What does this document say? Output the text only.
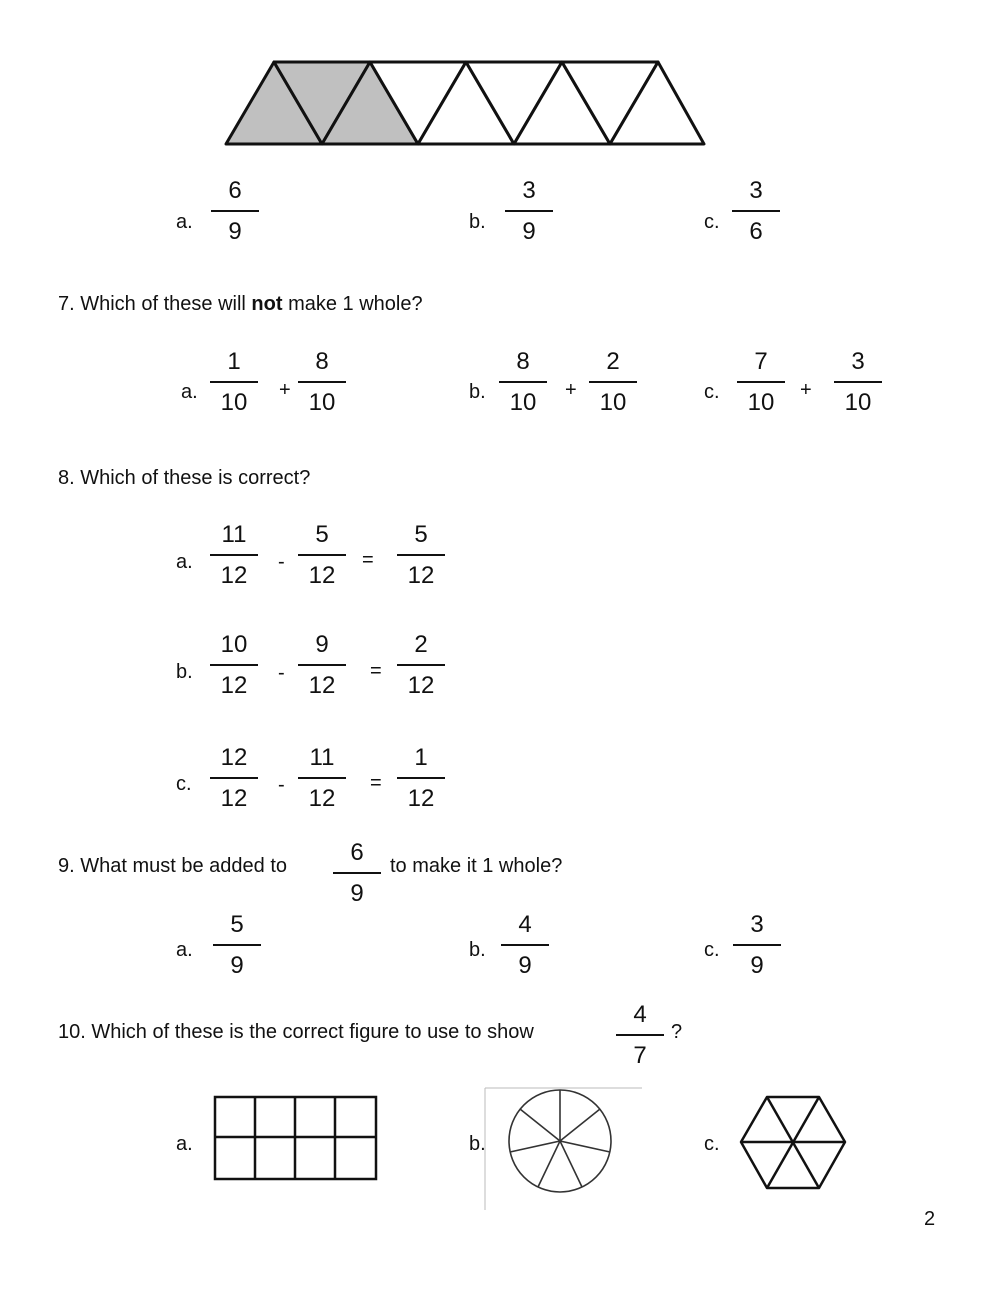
a.
6
9	b.
3
9	c.
3
6
7. Which of these will not make 1 whole?
a.
1
10	+
8
10	b.
8
10	+
2
10	c.
7
10	+
3
10
8. Which of these is correct?
a.
11
12	-
5
12
=
5
12
b.
10
12	-
9
12
=
2
12
c.
12
12	-
11
12
=
1
12
9. What must be added to	6
9
to make it 1 whole?
a.
5
9
b.
4
9
c.
3
9
10. Which of these is the correct figure to use to show
4
7
?
a.	b.	c.
2
